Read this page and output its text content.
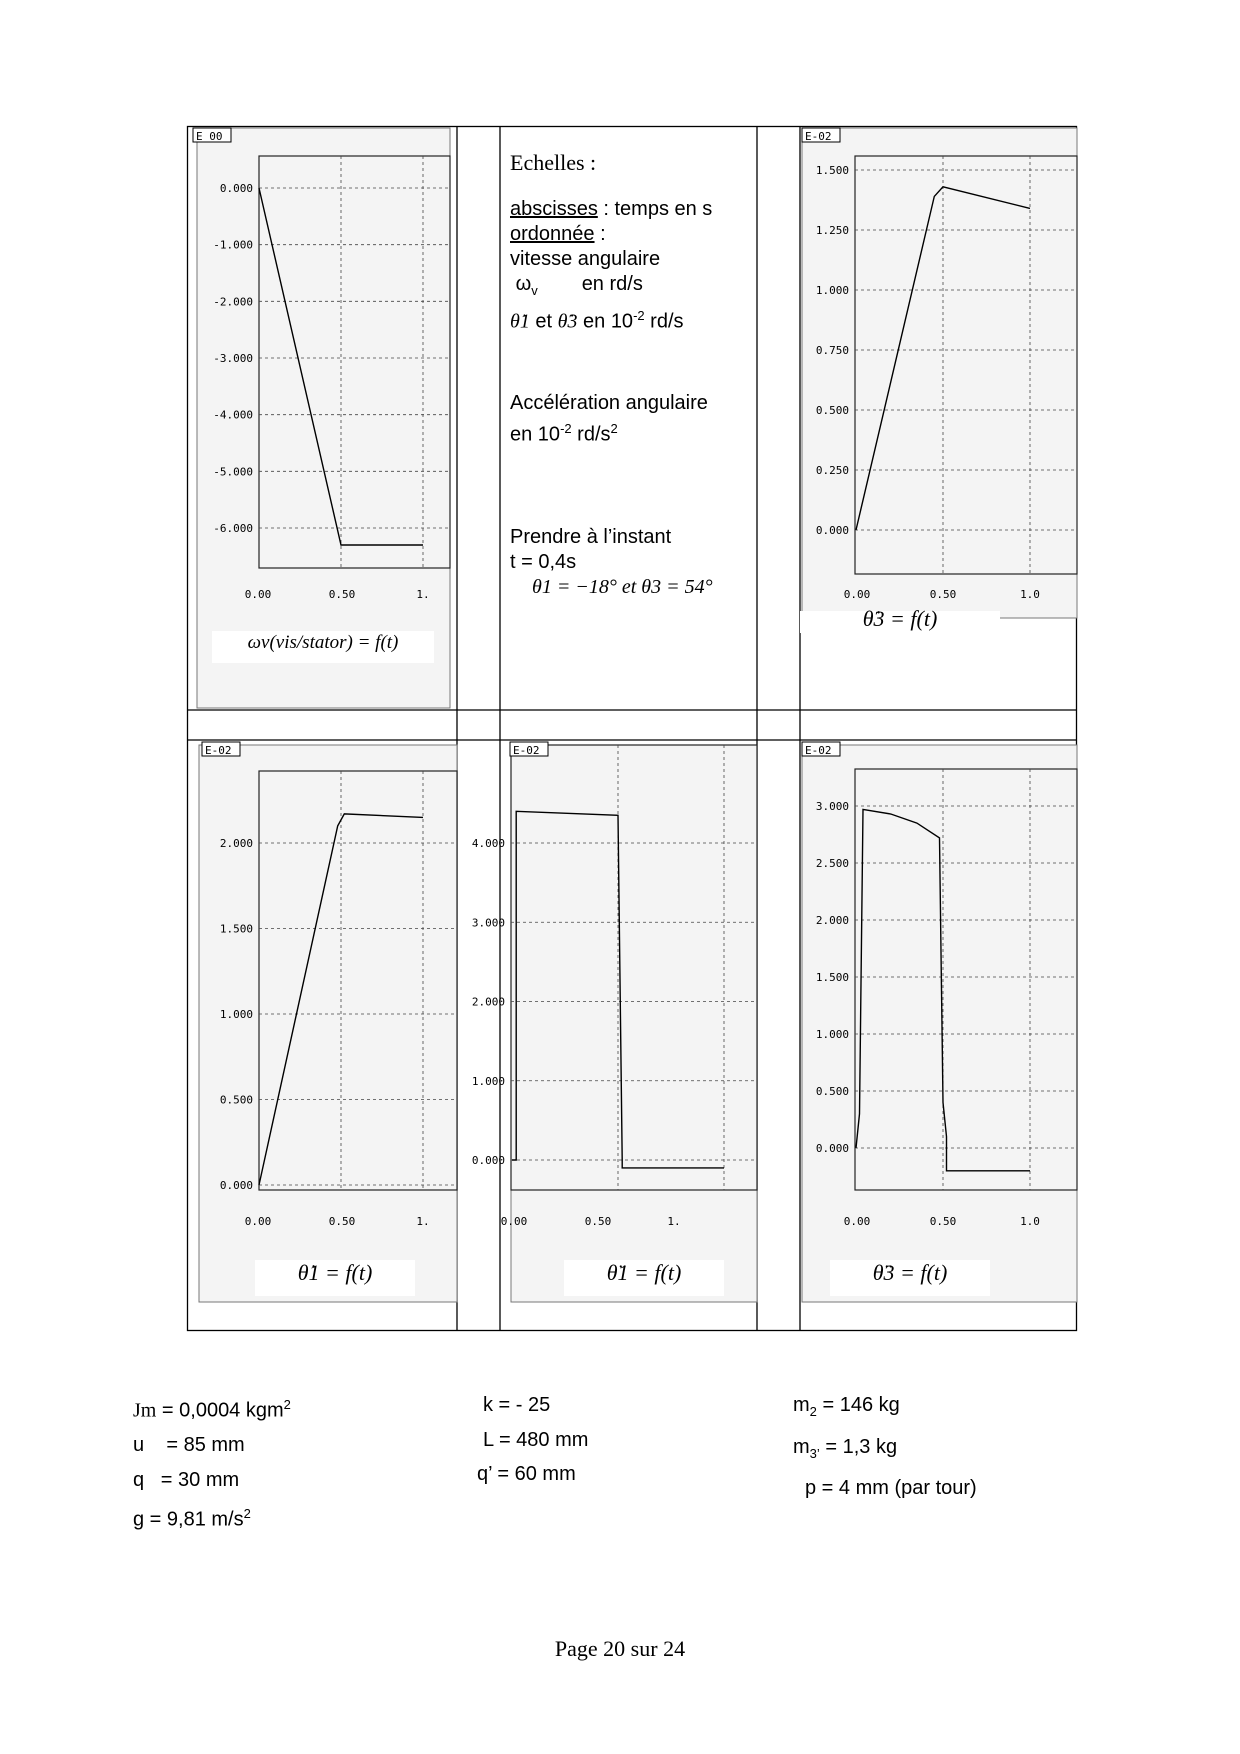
E 00
0.000
-1.000
-2.000
-3.000
-4.000
-5.000
-6.000
0.00	0.50	1.
ωv(vis/stator) = f(t)
E-02
1.500
1.250
1.000
0.750
0.500
0.250
0.000
0.00	0.50	1.0
θ̇3 = f(t)
E-02
2.000
1.500
1.000
0.500
0.000
0.00	0.50	1.
θ̇1 = f(t)
E-02
4.000
3.000
2.000
1.000
0.000
0.00	0.50	1.
θ̈1 = f(t)
E-02
3.000
2.500
2.000
1.500
1.000
0.500
0.000
0.00	0.50	1.0
θ̈3 = f(t)
Echelles :
abscisses : temps en s
ordonnée :
vitesse angulaire
$\omega_v$ en rd/s
θ̇1 et θ̇3 en $10^{-2}$ rd/s
Accélération angulaire
en $10^{-2}$ $rd/s^2$
Prendre à l’instant
t = 0,4s
θ1 = −18° et θ3 = 54°
Jm = 0,0004 kgm$^2$
u    = 85 mm
q   = 30 mm
g = 9,81 $m/s^2$
k = - 25
L = 480 mm
q’ = 60 mm
$m_2 = 146$ kg
$m_{3’} = 1,3$ kg
p = 4 mm (par tour)
Page 20 sur 24
